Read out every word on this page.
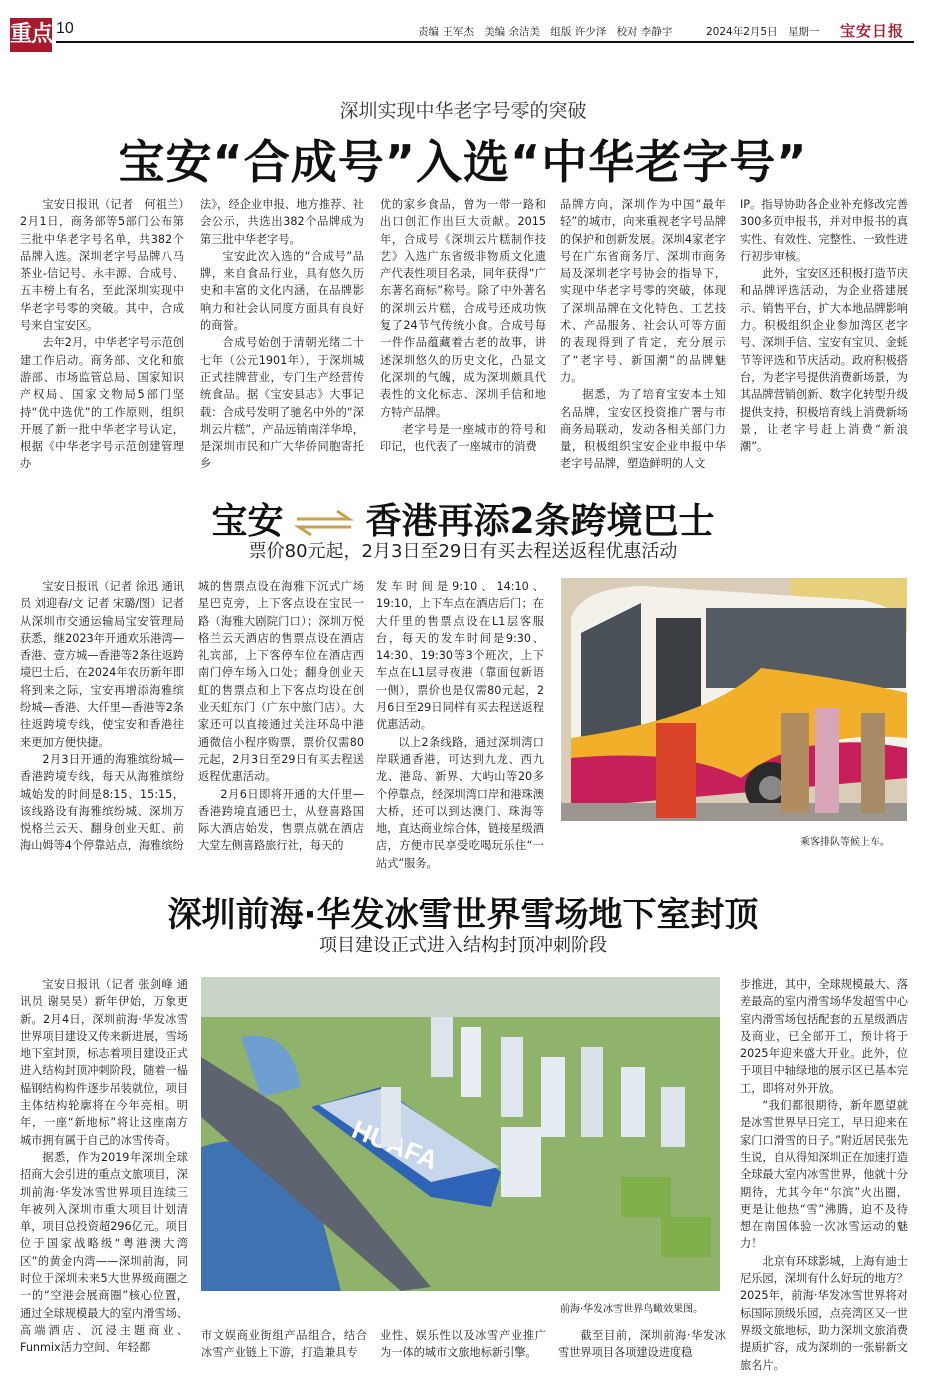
重点 10	责编 王军杰 美编 余洁美 组版 许少泽 校对 李静宇	2024年2月5日 星期一	宝安日报
深圳实现中华老字号零的突破
宝安“合成号”入选“中华老字号”

宝安日报讯（记者　何祖兰）2月1日，商务部等5部门公布第三批中华老字号名单，共382个品牌入选。深圳老字号品牌八马茶业-信记号、永丰源、合成号、五丰榜上有名，至此深圳实现中华老字号零的突破。其中，合成号来自宝安区。

去年2月，中华老字号示范创建工作启动。商务部、文化和旅游部、市场监管总局、国家知识产权局、国家文物局5部门坚持“优中选优”的工作原则，组织开展了新一批中华老字号认定，根据《中华老字号示范创建管理办

法》，经企业申报、地方推荐、社会公示，共选出382个品牌成为第三批中华老字号。

宝安此次入选的“合成号”品牌，来自食品行业，具有悠久历史和丰富的文化内涵，在品牌影响力和社会认同度方面具有良好的商誉。

合成号始创于清朝光绪二十七年（公元1901年），于深圳城正式挂牌营业，专门生产经营传统食品。据《宝安县志》大事记载：合成号发明了驰名中外的“深圳云片糕”，产品远销南洋华埠，是深圳市民和广大华侨同胞寄托乡

优的家乡食品，曾为一带一路和出口创汇作出巨大贡献。2015年，合成号《深圳云片糕制作技艺》入选广东省级非物质文化遗产代表性项目名录，同年获得“广东著名商标”称号。除了中外著名的深圳云片糕，合成号还成功恢复了24节气传统小食。合成号每一件作品蕴藏着古老的故事，讲述深圳悠久的历史文化，凸显文化深圳的气魄，成为深圳颇具代表性的文化标志、深圳手信和地方特产品牌。

老字号是一座城市的符号和印记，也代表了一座城市的消费

品牌方向，深圳作为中国“最年轻”的城市，向来重视老字号品牌的保护和创新发展。深圳4家老字号在广东省商务厅、深圳市商务局及深圳老字号协会的指导下，实现中华老字号零的突破，体现了深圳品牌在文化特色、工艺技术、产品服务、社会认可等方面的表现得到了肯定，充分展示了“老字号、新国潮”的品牌魅力。

据悉，为了培育宝安本土知名品牌，宝安区投资推广署与市商务局联动，发动各相关部门力量，积极组织宝安企业申报中华老字号品牌，塑造鲜明的人文

IP。指导协助各企业补充修改完善300多页申报书，并对申报书的真实性、有效性、完整性、一致性进行初步审核。

此外，宝安区还积极打造节庆和品牌评选活动，为企业搭建展示、销售平台，扩大本地品牌影响力。积极组织企业参加湾区老字号、深圳手信、宝安有宝贝、金蚝节等评选和节庆活动。政府积极搭台，为老字号提供消费新场景，为其品牌营销创新、数字化转型升级提供支持，积极培育线上消费新场景，让老字号赶上消费“新浪潮”。

宝安 香港再添2条跨境巴士
票价80元起，2月3日至29日有买去程送返程优惠活动

宝安日报讯（记者 徐迅 通讯员 刘迎春/文 记者 宋璐/图）记者从深圳市交通运输局宝安管理局获悉，继2023年开通欢乐港湾—香港、壹方城—香港等2条往返跨境巴士后，在2024年农历新年即将到来之际，宝安再增添海雅缤纷城—香港、大仟里—香港等2条往返跨境专线，使宝安和香港往来更加方便快捷。

2月3日开通的海雅缤纷城—香港跨境专线，每天从海雅缤纷城始发的时间是8:15、15:15，该线路设有海雅缤纷城、深圳万悦格兰云天、翻身创业天虹、前海山姆等4个停靠站点，海雅缤纷

城的售票点设在海雅下沉式广场星巴克旁，上下客点设在宝民一路（海雅大剧院门口）；深圳万悦格兰云天酒店的售票点设在酒店礼宾部，上下客停车位在酒店西南门停车场入口处；翻身创业天虹的售票点和上下客点均设在创业天虹东门（广东中旅门店）。大家还可以直接通过关注环岛中港通微信小程序购票，票价仅需80元起，2月3日至29日有买去程送返程优惠活动。

2月6日即将开通的大仟里—香港跨境直通巴士，从登喜路国际大酒店始发，售票点就在酒店大堂左侧喜路旅行社，每天的

发车时间是9:10、14:10、19:10，上下车点在酒店后门；在大仟里的售票点设在L1层客服台，每天的发车时间是9:30、14:30、19:30等3个班次，上下车点在L1层寻夜港（靠面包新语一侧），票价也是仅需80元起，2月6日至29日同样有买去程送返程优惠活动。

以上2条线路，通过深圳湾口岸联通香港，可达到九龙、西九龙、港岛、新界、大屿山等20多个停靠点，经深圳湾口岸和港珠澳大桥，还可以到达澳门、珠海等地，直达商业综合体，链接星级酒店，方便市民享受吃喝玩乐住“一站式”服务。

乘客排队等候上车。
深圳前海·华发冰雪世界雪场地下室封顶
项目建设正式进入结构封顶冲刺阶段

宝安日报讯（记者 张剑峰 通讯员 谢昊昊）新年伊始，万象更新。2月4日，深圳前海·华发冰雪世界项目建设又传来新进展，雪场地下室封顶，标志着项目建设正式进入结构封顶冲刺阶段，随着一榀榀钢结构构件逐步吊装就位，项目主体结构轮廓将在今年亮相。明年，一座“新地标”将让这座南方城市拥有属于自己的冰雪传奇。

据悉，作为2019年深圳全球招商大会引进的重点文旅项目，深圳前海·华发冰雪世界项目连续三年被列入深圳市重大项目计划清单，项目总投资超296亿元。项目位于国家战略级“粤港澳大湾区”的黄金内湾——深圳前海，同时位于深圳未来5大世界级商圈之一的“空港会展商圈”核心位置，通过全球规模最大的室内滑雪场、高端酒店、沉浸主题商业、Funmix活力空间、年轻都

前海·华发冰雪世界鸟瞰效果图。

市文娱商业街组产品组合，结合冰雪产业链上下游，打造兼具专

业性、娱乐性以及冰雪产业推广为一体的城市文旅地标新引擎。

截至目前，深圳前海·华发冰雪世界项目各项建设进度稳

步推进，其中，全球规模最大、落差最高的室内滑雪场华发超雪中心室内滑雪场包括配套的五星级酒店及商业，已全部开工，预计将于2025年迎来盛大开业。此外，位于项目中轴绿地的展示区已基本完工，即将对外开放。

“我们都很期待，新年愿望就是冰雪世界早日完工，早日迎来在家门口滑雪的日子。”附近居民张先生说，自从得知深圳正在加速打造全球最大室内冰雪世界，他就十分期待，尤其今年“尔滨”火出圈，更是让他热“雪”沸腾，迫不及待想在南国体验一次冰雪运动的魅力！

北京有环球影城，上海有迪士尼乐园，深圳有什么好玩的地方？2025年，前海·华发冰雪世界将对标国际顶级乐园，点亮湾区又一世界级文旅地标，助力深圳文旅消费提质扩容，成为深圳的一张崭新文旅名片。
